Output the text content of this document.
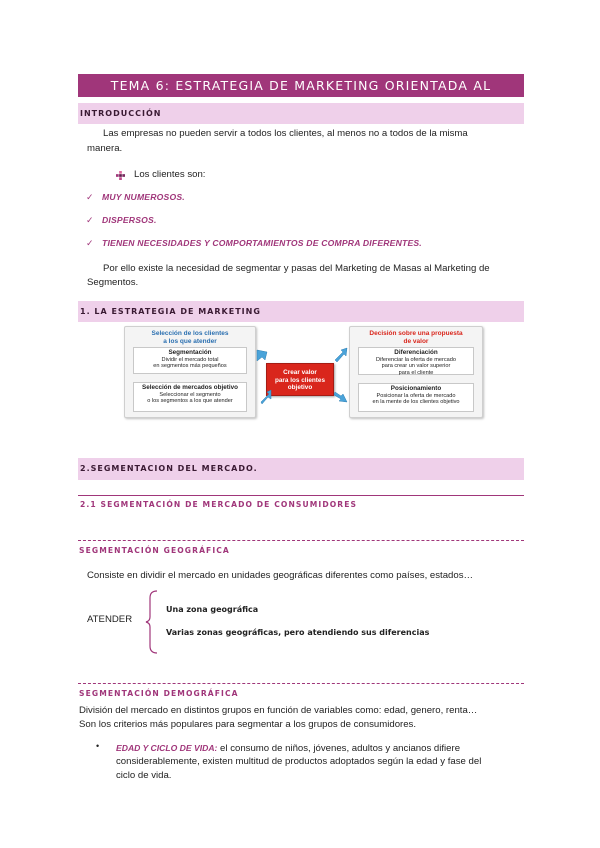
TEMA 6: ESTRATEGIA DE MARKETING ORIENTADA AL
INTRODUCCIÓN
Las empresas no pueden servir a todos los clientes, al menos no a todos de la misma
manera.
Los clientes son:
✓ MUY NUMEROSOS.
✓ DISPERSOS.
✓ TIENEN NECESIDADES Y COMPORTAMIENTOS DE COMPRA DIFERENTES.
Por ello existe la necesidad de segmentar y pasas del Marketing de Masas al Marketing de
Segmentos.
1. LA ESTRATEGIA DE MARKETING
Selección de los clientes
a los que atender
Segmentación
Dividir el mercado total
en segmentos más pequeños
Selección de mercados objetivo
Seleccionar el segmento
o los segmentos a los que atender
Crear valor
para los clientes
objetivo
Decisión sobre una propuesta
de valor
Diferenciación
Diferenciar la oferta de mercado
para crear un valor superior
para el cliente
Posicionamiento
Posicionar la oferta de mercado
en la mente de los clientes objetivo
2.SEGMENTACION DEL MERCADO.
2.1 SEGMENTACIÓN DE MERCADO DE CONSUMIDORES
SEGMENTACIÓN GEOGRÁFICA
Consiste en dividir el mercado en unidades geográficas diferentes como países, estados…
ATENDER
Una zona geográfica
Varias zonas geográficas, pero atendiendo sus diferencias
SEGMENTACIÓN DEMOGRÁFICA
División del mercado en distintos grupos en función de variables como: edad, genero, renta…
Son los criterios más populares para segmentar a los grupos de consumidores.
• EDAD Y CICLO DE VIDA: el consumo de niños, jóvenes, adultos y ancianos difiere
considerablemente, existen multitud de productos adoptados según la edad y fase del
ciclo de vida.
